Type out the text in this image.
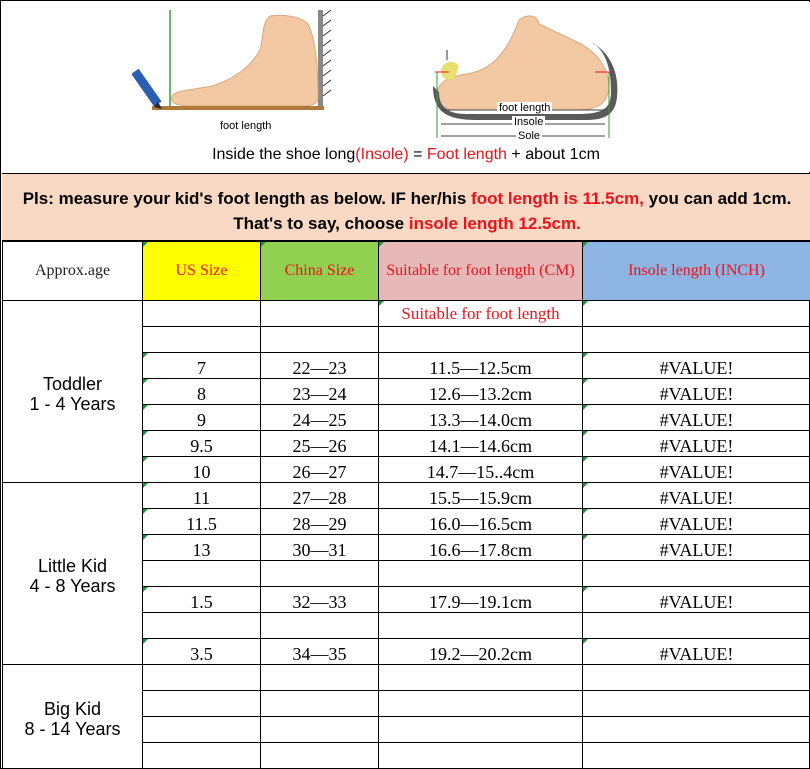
foot length
foot length
Insole
Sole
Inside the shoe long(Insole) = Foot length + about 1cm
Pls: measure your kid's foot length as below. IF her/his foot length is 11.5cm, you can add 1cm. That's to say, choose insole length 12.5cm.
Approx.age	US Size	China Size	Suitable for foot length (CM)	Insole length (INCH)

Toddler
1 - 4 Years			Suitable for foot length	

	7	22—23	11.5—12.5cm	#VALUE!
	8	23—24	12.6—13.2cm	#VALUE!
	9	24—25	13.3—14.0cm	#VALUE!
	9.5	25—26	14.1—14.6cm	#VALUE!
	10	26—27	14.7—15..4cm	#VALUE!

Little Kid
4 - 8 Years	11	27—28	15.5—15.9cm	#VALUE!
	11.5	28—29	16.0—16.5cm	#VALUE!
	13	30—31	16.6—17.8cm	#VALUE!

	1.5	32—33	17.9—19.1cm	#VALUE!

	3.5	34—35	19.2—20.2cm	#VALUE!

Big Kid
8 - 14 Years				
